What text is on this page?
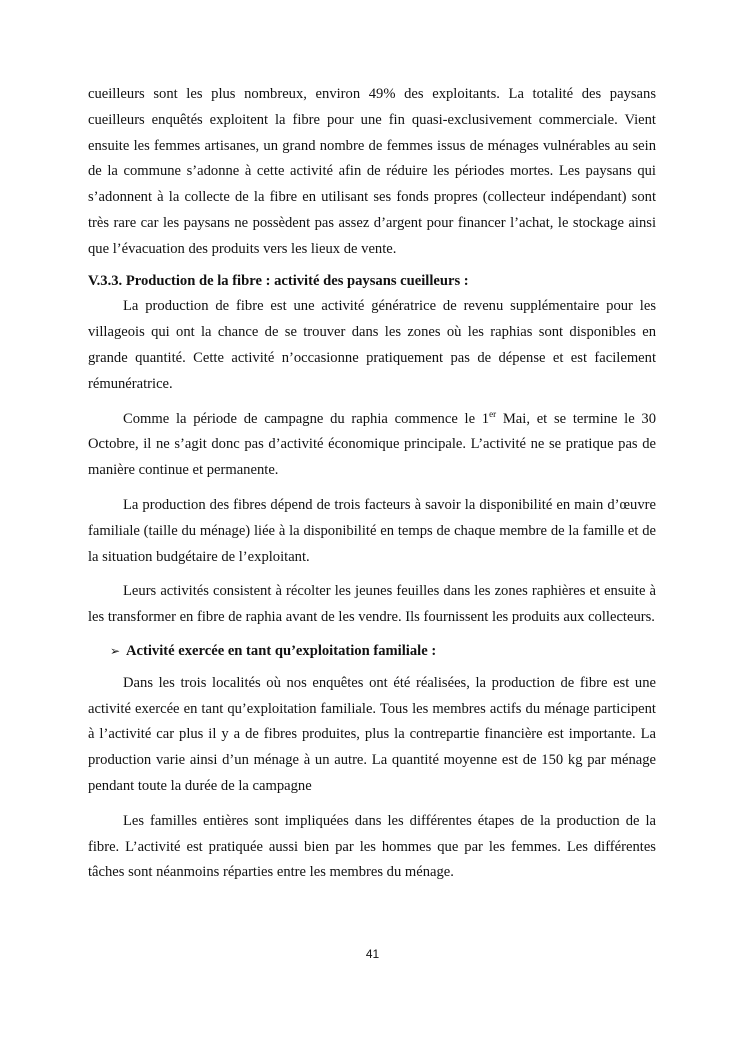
cueilleurs sont les plus nombreux, environ 49% des exploitants. La totalité des paysans cueilleurs enquêtés exploitent la fibre pour une fin quasi-exclusivement commerciale. Vient ensuite les femmes artisanes, un grand nombre de femmes issus de ménages vulnérables au sein de la commune s’adonne à cette activité afin de réduire les périodes mortes. Les paysans qui s’adonnent à la collecte de la fibre en utilisant ses fonds propres (collecteur indépendant) sont très rare car les paysans ne possèdent pas assez d’argent pour financer l’achat, le stockage ainsi que l’évacuation des produits vers les lieux de vente.

V.3.3. Production de la fibre : activité des paysans cueilleurs :

La production de fibre est une activité génératrice de revenu supplémentaire pour les villageois qui ont la chance de se trouver dans les zones où les raphias sont disponibles en grande quantité. Cette activité n’occasionne pratiquement pas de dépense et est facilement rémunératrice.

Comme la période de campagne du raphia commence le 1er Mai, et se termine le 30 Octobre, il ne s’agit donc pas d’activité économique principale. L’activité ne se pratique pas de manière continue et permanente.

La production des fibres dépend de trois facteurs à savoir la disponibilité en main d’œuvre familiale (taille du ménage) liée à la disponibilité en temps de chaque membre de la famille et de la situation budgétaire de l’exploitant.

Leurs activités consistent à récolter les jeunes feuilles dans les zones raphières et ensuite à les transformer en fibre de raphia avant de les vendre. Ils fournissent les produits aux collecteurs.

➢ Activité exercée en tant qu’exploitation familiale :

Dans les trois localités où nos enquêtes ont été réalisées, la production de fibre est une activité exercée en tant qu’exploitation familiale. Tous les membres actifs du ménage participent à l’activité car plus il y a de fibres produites, plus la contrepartie financière est importante. La production varie ainsi d’un ménage à un autre. La quantité moyenne est de 150 kg par ménage pendant toute la durée de la campagne

Les familles entières sont impliquées dans les différentes étapes de la production de la fibre. L’activité est pratiquée aussi bien par les hommes que par les femmes. Les différentes tâches sont néanmoins réparties entre les membres du ménage.

41
